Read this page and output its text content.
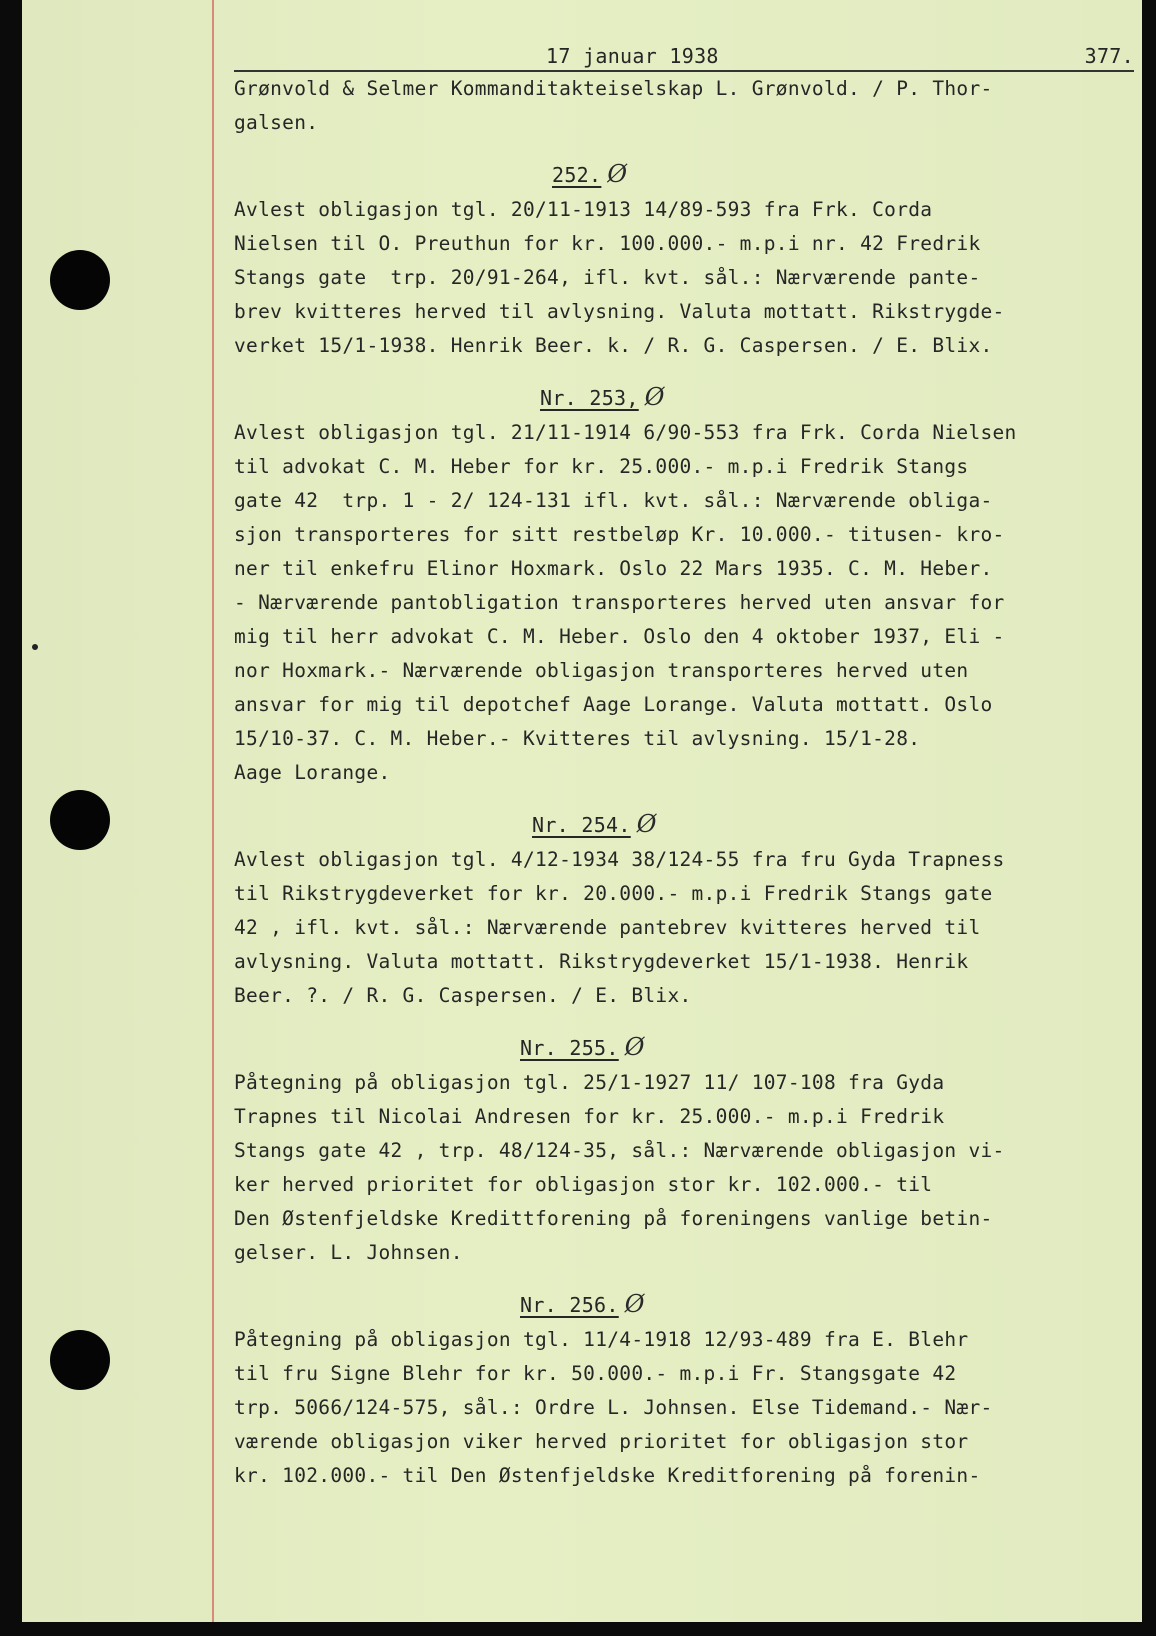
17 januar 1938	377.
Grønvold & Selmer Kommanditakteiselskap L. Grønvold. / P. Thor-
galsen.
252. Ø
Avlest obligasjon tgl. 20/11-1913 14/89-593 fra Frk. Corda
Nielsen til O. Preuthun for kr. 100.000.- m.p.i nr. 42 Fredrik
Stangs gate  trp. 20/91-264, ifl. kvt. sål.: Nærværende pante-
brev kvitteres herved til avlysning. Valuta mottatt. Rikstrygde-
verket 15/1-1938. Henrik Beer. k. / R. G. Caspersen. / E. Blix.
Nr. 253, Ø
Avlest obligasjon tgl. 21/11-1914 6/90-553 fra Frk. Corda Nielsen
til advokat C. M. Heber for kr. 25.000.- m.p.i Fredrik Stangs
gate 42  trp. 1 - 2/ 124-131 ifl. kvt. sål.: Nærværende obliga-
sjon transporteres for sitt restbeløp Kr. 10.000.- titusen- kro-
ner til enkefru Elinor Hoxmark. Oslo 22 Mars 1935. C. M. Heber.
- Nærværende pantobligation transporteres herved uten ansvar for
mig til herr advokat C. M. Heber. Oslo den 4 oktober 1937, Eli -
nor Hoxmark.- Nærværende obligasjon transporteres herved uten
ansvar for mig til depotchef Aage Lorange. Valuta mottatt. Oslo
15/10-37. C. M. Heber.- Kvitteres til avlysning. 15/1-28.
Aage Lorange.
Nr. 254. Ø
Avlest obligasjon tgl. 4/12-1934 38/124-55 fra fru Gyda Trapness
til Rikstrygdeverket for kr. 20.000.- m.p.i Fredrik Stangs gate
42 , ifl. kvt. sål.: Nærværende pantebrev kvitteres herved til
avlysning. Valuta mottatt. Rikstrygdeverket 15/1-1938. Henrik
Beer. ?. / R. G. Caspersen. / E. Blix.
Nr. 255. Ø
Påtegning på obligasjon tgl. 25/1-1927 11/ 107-108 fra Gyda
Trapnes til Nicolai Andresen for kr. 25.000.- m.p.i Fredrik
Stangs gate 42 , trp. 48/124-35, sål.: Nærværende obligasjon vi-
ker herved prioritet for obligasjon stor kr. 102.000.- til
Den Østenfjeldske Kredittforening på foreningens vanlige betin-
gelser. L. Johnsen.
Nr. 256. Ø
Påtegning på obligasjon tgl. 11/4-1918 12/93-489 fra E. Blehr
til fru Signe Blehr for kr. 50.000.- m.p.i Fr. Stangsgate 42
trp. 5066/124-575, sål.: Ordre L. Johnsen. Else Tidemand.- Nær-
værende obligasjon viker herved prioritet for obligasjon stor
kr. 102.000.- til Den Østenfjeldske Kreditforening på forenin-
